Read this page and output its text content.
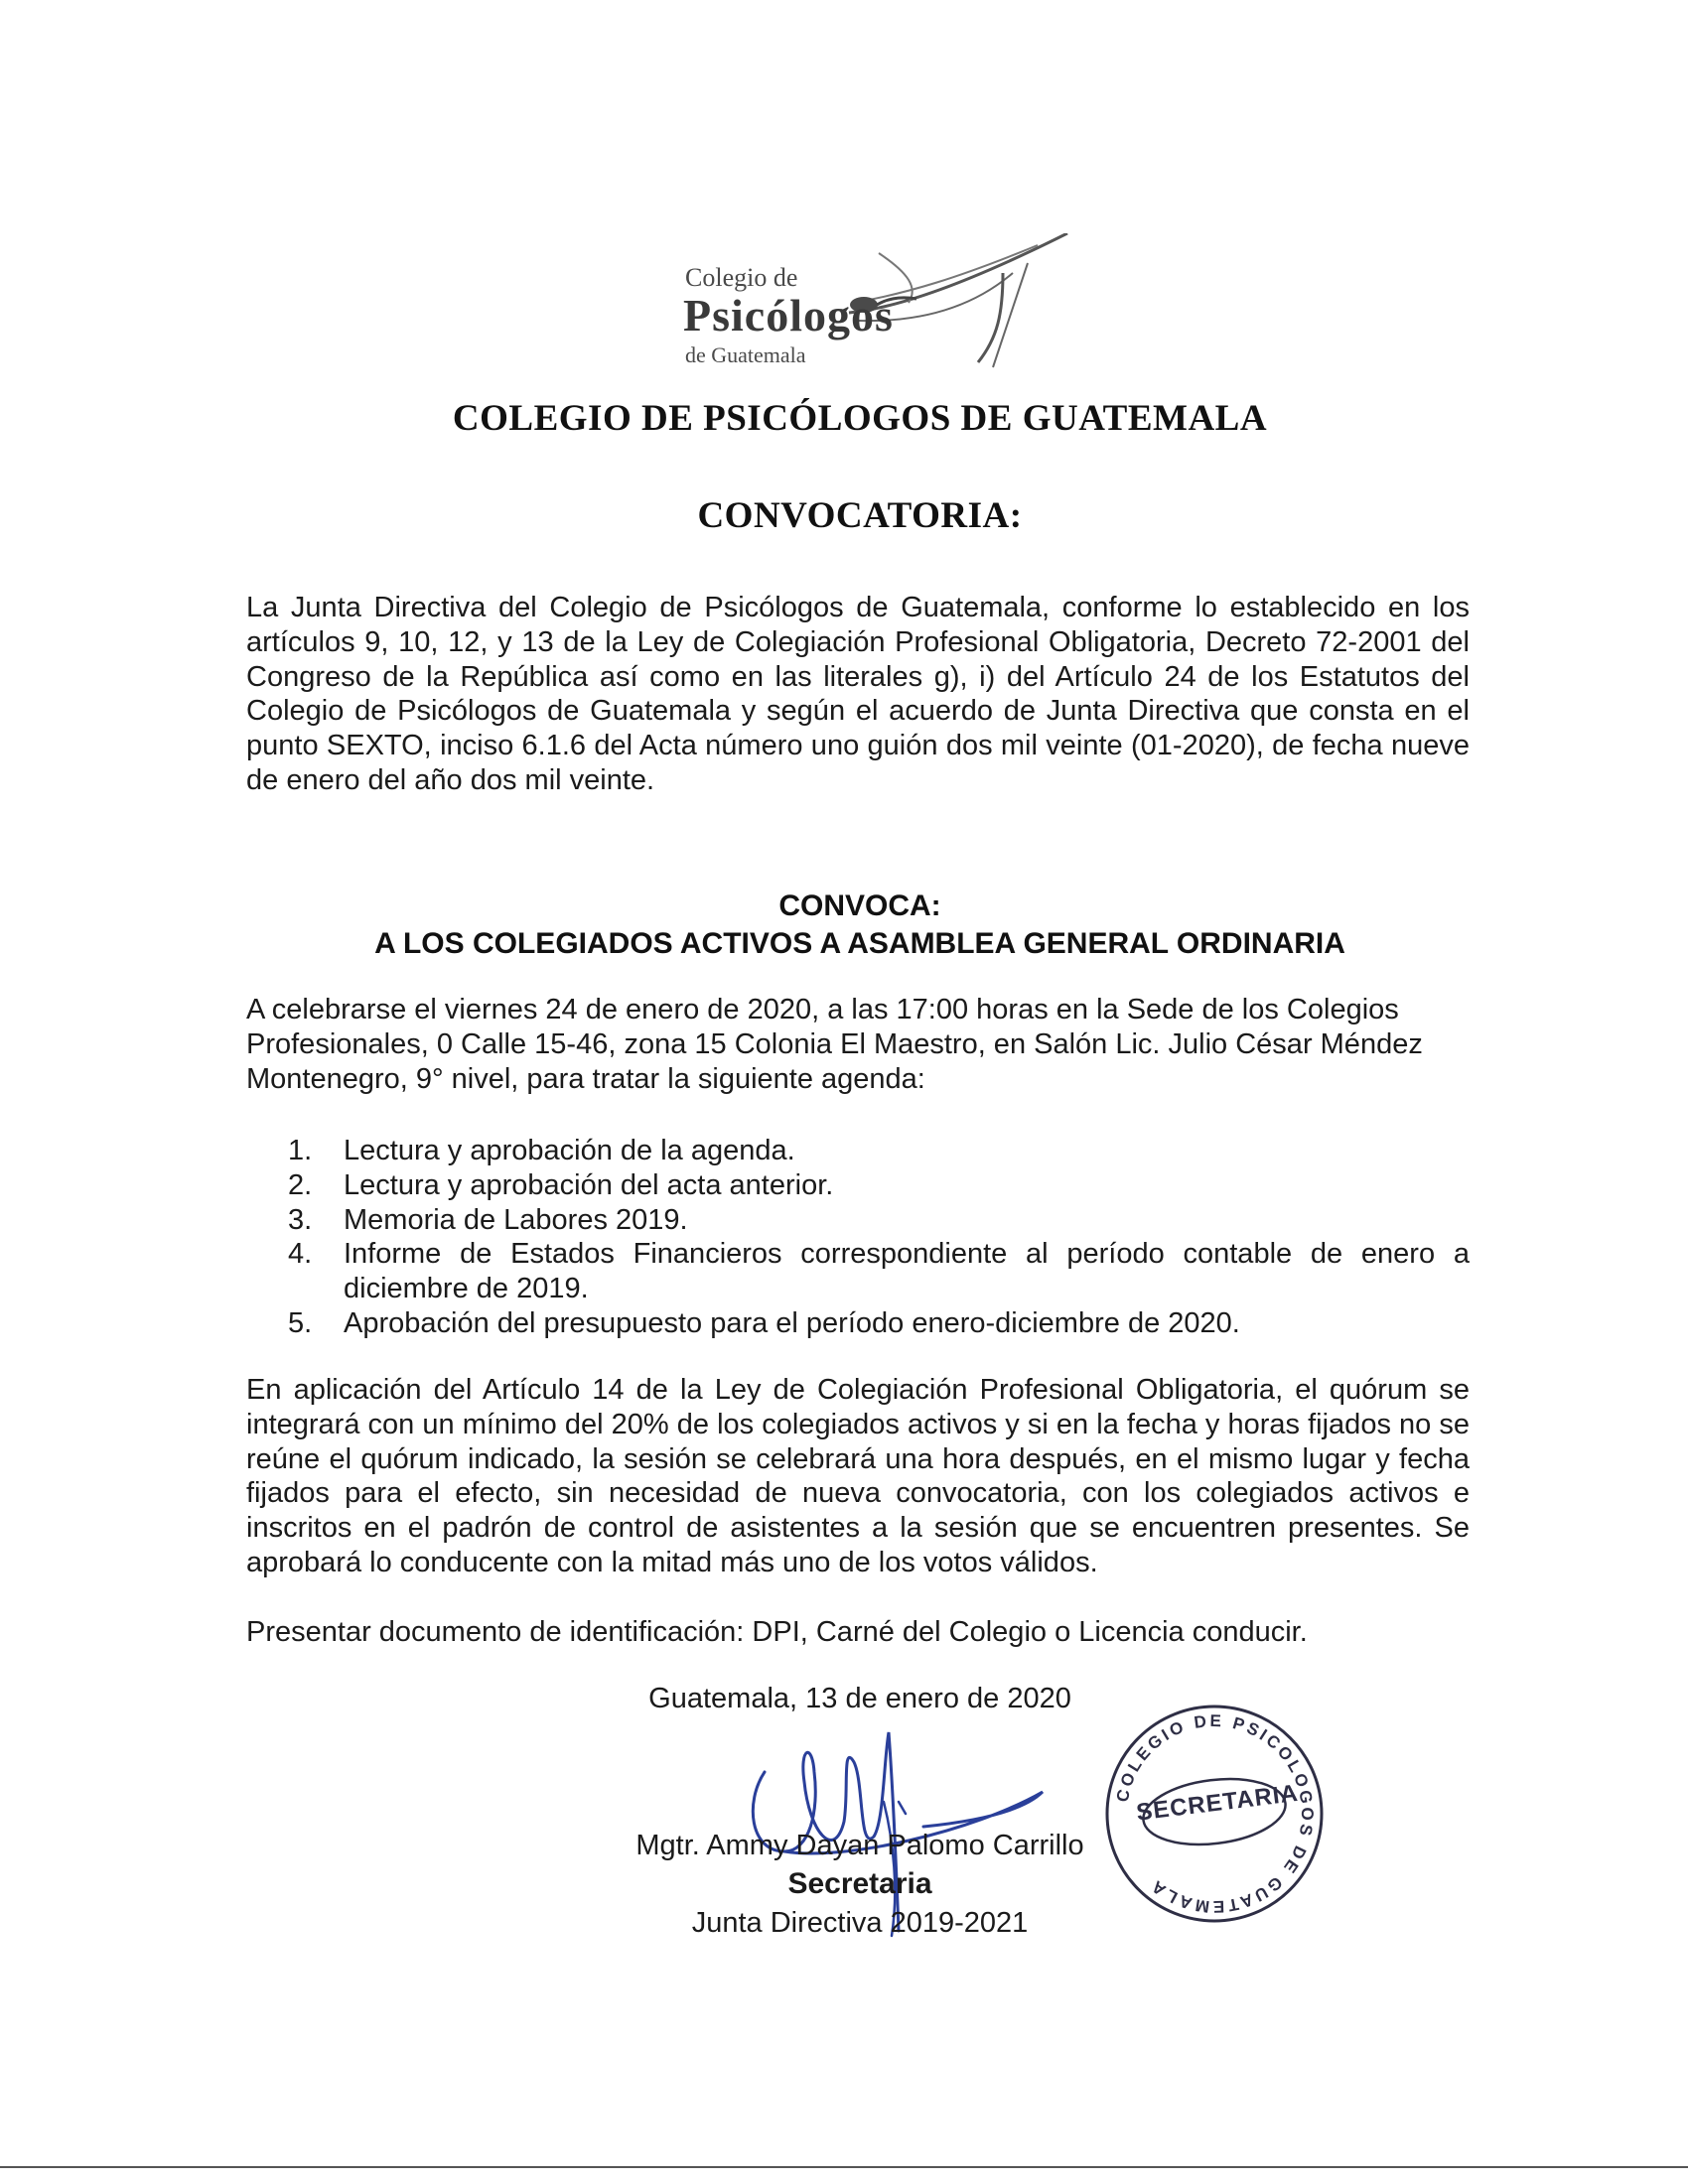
Colegio de
Psicólogos
de Guatemala
COLEGIO DE PSICÓLOGOS DE GUATEMALA
CONVOCATORIA:

La Junta Directiva del Colegio de Psicólogos de Guatemala, conforme lo establecido en los artículos 9, 10, 12, y 13 de la Ley de Colegiación Profesional Obligatoria, Decreto 72-2001 del Congreso de la República así como en las literales g), i) del Artículo 24 de los Estatutos del Colegio de Psicólogos de Guatemala y según el acuerdo de Junta Directiva que consta en el punto SEXTO, inciso 6.1.6 del Acta número uno guión dos mil veinte (01-2020), de fecha nueve de enero del año dos mil veinte.

CONVOCA:
A LOS COLEGIADOS ACTIVOS A ASAMBLEA GENERAL ORDINARIA

A celebrarse el viernes 24 de enero de 2020, a las 17:00 horas en la Sede de los Colegios Profesionales, 0 Calle 15-46, zona 15 Colonia El Maestro, en Salón Lic. Julio César Méndez Montenegro, 9° nivel, para tratar la siguiente agenda:

1.	Lectura y aprobación de la agenda.
2.	Lectura y aprobación del acta anterior.
3.	Memoria de Labores 2019.
4.	Informe de Estados Financieros correspondiente al período contable de enero a diciembre de 2019.
5.	Aprobación del presupuesto para el período enero-diciembre de 2020.

En aplicación del Artículo 14 de la Ley de Colegiación Profesional Obligatoria, el quórum se integrará con un mínimo del 20% de los colegiados activos y si en la fecha y horas fijados no se reúne el quórum indicado, la sesión se celebrará una hora después, en el mismo lugar y fecha fijados para el efecto, sin necesidad de nueva convocatoria, con los colegiados activos e inscritos en el padrón de control de asistentes a la sesión que se encuentren presentes. Se aprobará lo conducente con la mitad más uno de los votos válidos.

Presentar documento de identificación: DPI, Carné del Colegio o Licencia conducir.

Guatemala, 13 de enero de 2020
COLEGIO DE PSICOLOGOS DE GUATEMALA
SECRETARIA
Mgtr. Ammy Dayan Palomo Carrillo
Secretaria
Junta Directiva 2019-2021
